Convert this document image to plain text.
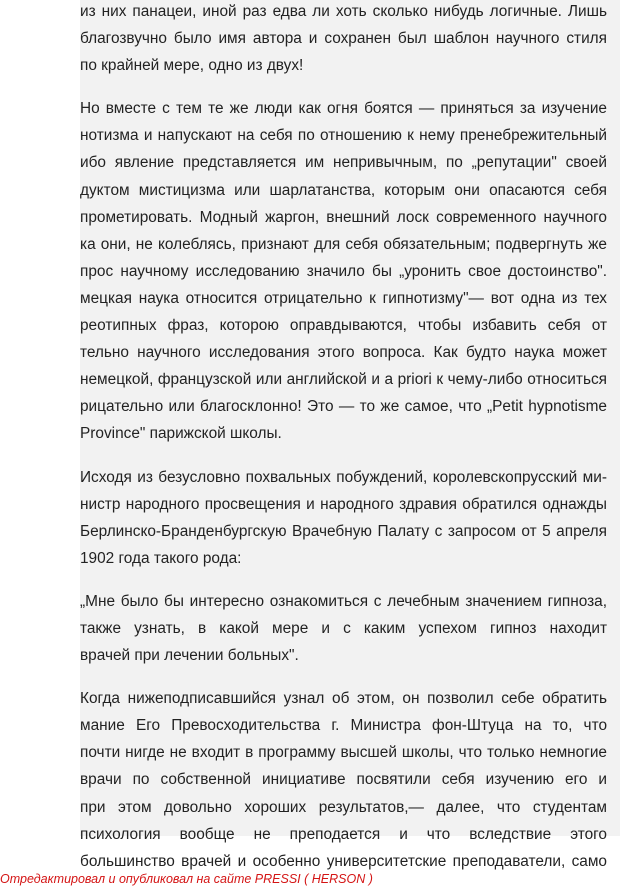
из них панацеи, иной раз едва ли хоть сколько нибудь логичные. Лишь
благозвучно было имя автора и сохранен был шаблон научного стиля
по крайней мере, одно из двух!

Но вместе с тем те же люди как огня боятся — приняться за изучение
нотизма и напускают на себя по отношению к нему пренебрежительный
ибо явление представляется им непривычным, по „репутации" своей
дуктом мистицизма или шарлатанства, которым они опасаются себя
прометировать. Модный жаргон, внешний лоск современного научного
ка они, не колеблясь, признают для себя обязательным; подвергнуть же
прос научному исследованию значило бы „уронить свое достоинство".
мецкая наука относится отрицательно к гипнотизму"— вот одна из тех
реотипных фраз, которою оправдываются, чтобы избавить себя от
тельно научного исследования этого вопроса. Как будто наука может
немецкой, французской или английской и a priori к чему-либо относиться
рицательно или благосклонно! Это — то же самое, что „Petit hypnotisme
Province" парижской школы.

Исходя из безусловно похвальных побуждений, королевскопрусский ми-
нистр народного просвещения и народного здравия обратился однажды
Берлинско-Бранденбургскую Врачебную Палату с запросом от 5 апреля
1902 года такого рода:

„Мне было бы интересно ознакомиться с лечебным значением гипноза,
также узнать, в какой мере и с каким успехом гипноз находит
врачей при лечении больных".

Когда нижеподписавшийся узнал об этом, он позволил себе обратить
мание Его Превосходительства г. Министра фон-Штуца на то, что
почти нигде не входит в программу высшей школы, что только немногие
врачи по собственной инициативе посвятили себя изучению его и
при этом довольно хороших результатов,— далее, что студентам
психология вообще не преподается и что вследствие этого
большинство врачей и особенно университетские преподаватели, само

Отредактировал и опубликовал на сайте PRESSI ( HERSON )
